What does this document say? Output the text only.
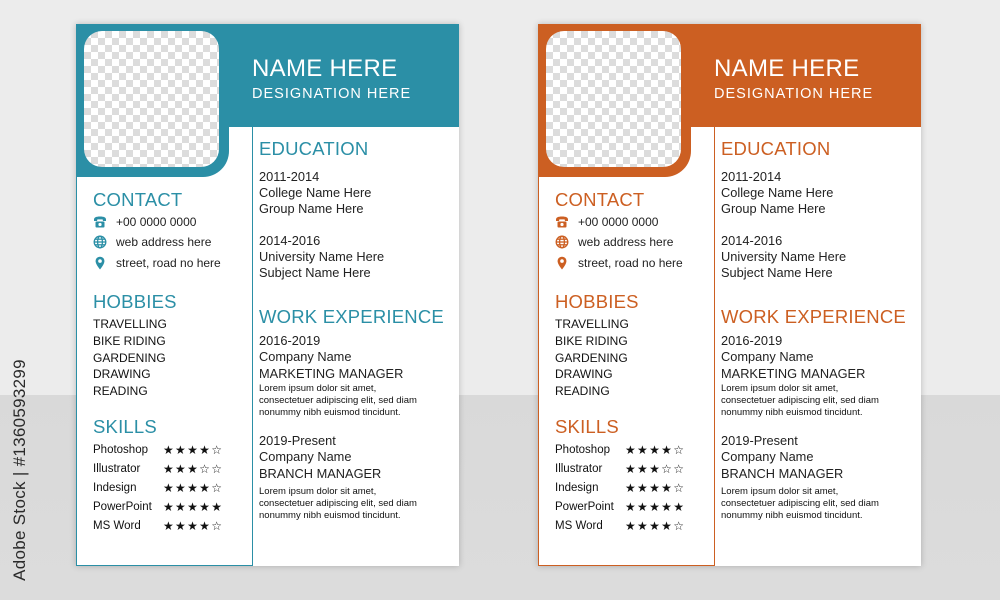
Adobe Stock | #1360593299
NAME HERE
DESIGNATION HERE
CONTACT
+00 0000 0000
web address here
street, road no here
HOBBIES
TRAVELLING
BIKE RIDING
GARDENING
DRAWING
READING
SKILLS
Photoshop	★★★★☆
Illustrator	★★★☆☆
Indesign	★★★★☆
PowerPoint ★★★★★
MS Word	★★★★☆
EDUCATION
2011-2014
College Name Here
Group Name Here
2014-2016
University Name Here
Subject Name Here
WORK EXPERIENCE
2016-2019
Company Name
MARKETING MANAGER
Lorem ipsum dolor sit amet, consectetuer adipiscing elit, sed diam nonummy nibh euismod tincidunt.
2019-Present
Company Name
BRANCH MANAGER
Lorem ipsum dolor sit amet, consectetuer adipiscing elit, sed diam nonummy nibh euismod tincidunt.
NAME HERE
DESIGNATION HERE
CONTACT
+00 0000 0000
web address here
street, road no here
HOBBIES
TRAVELLING
BIKE RIDING
GARDENING
DRAWING
READING
SKILLS
Photoshop	★★★★☆
Illustrator	★★★☆☆
Indesign	★★★★☆
PowerPoint ★★★★★
MS Word	★★★★☆
EDUCATION
2011-2014
College Name Here
Group Name Here
2014-2016
University Name Here
Subject Name Here
WORK EXPERIENCE
2016-2019
Company Name
MARKETING MANAGER
Lorem ipsum dolor sit amet, consectetuer adipiscing elit, sed diam nonummy nibh euismod tincidunt.
2019-Present
Company Name
BRANCH MANAGER
Lorem ipsum dolor sit amet, consectetuer adipiscing elit, sed diam nonummy nibh euismod tincidunt.
